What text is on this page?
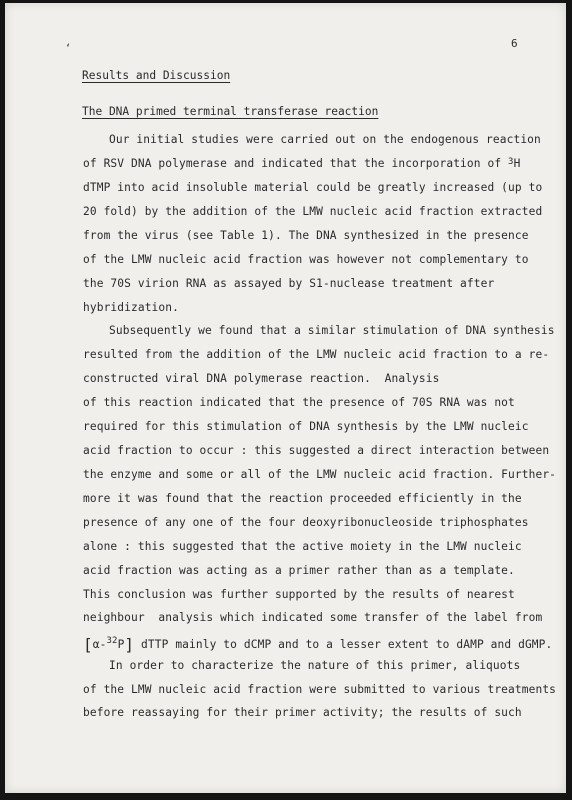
‘	6
Results and Discussion
The DNA primed terminal transferase reaction
Our initial studies were carried out on the endogenous reaction
of RSV DNA polymerase and indicated that the incorporation of $^3$H
dTMP into acid insoluble material could be greatly increased (up to
20 fold) by the addition of the LMW nucleic acid fraction extracted
from the virus (see Table 1). The DNA synthesized in the presence
of the LMW nucleic acid fraction was however not complementary to
the 70S virion RNA as assayed by S1-nuclease treatment after
hybridization.
Subsequently we found that a similar stimulation of DNA synthesis
resulted from the addition of the LMW nucleic acid fraction to a re-
constructed viral DNA polymerase reaction.  Analysis
of this reaction indicated that the presence of 70S RNA was not
required for this stimulation of DNA synthesis by the LMW nucleic
acid fraction to occur : this suggested a direct interaction between
the enzyme and some or all of the LMW nucleic acid fraction. Further-
more it was found that the reaction proceeded efficiently in the
presence of any one of the four deoxyribonucleoside triphosphates
alone : this suggested that the active moiety in the LMW nucleic
acid fraction was acting as a primer rather than as a template.
This conclusion was further supported by the results of nearest
neighbour  analysis which indicated some transfer of the label from
[α-$^{32}$P] dTTP mainly to dCMP and to a lesser extent to dAMP and dGMP.
In order to characterize the nature of this primer, aliquots
of the LMW nucleic acid fraction were submitted to various treatments
before reassaying for their primer activity; the results of such
